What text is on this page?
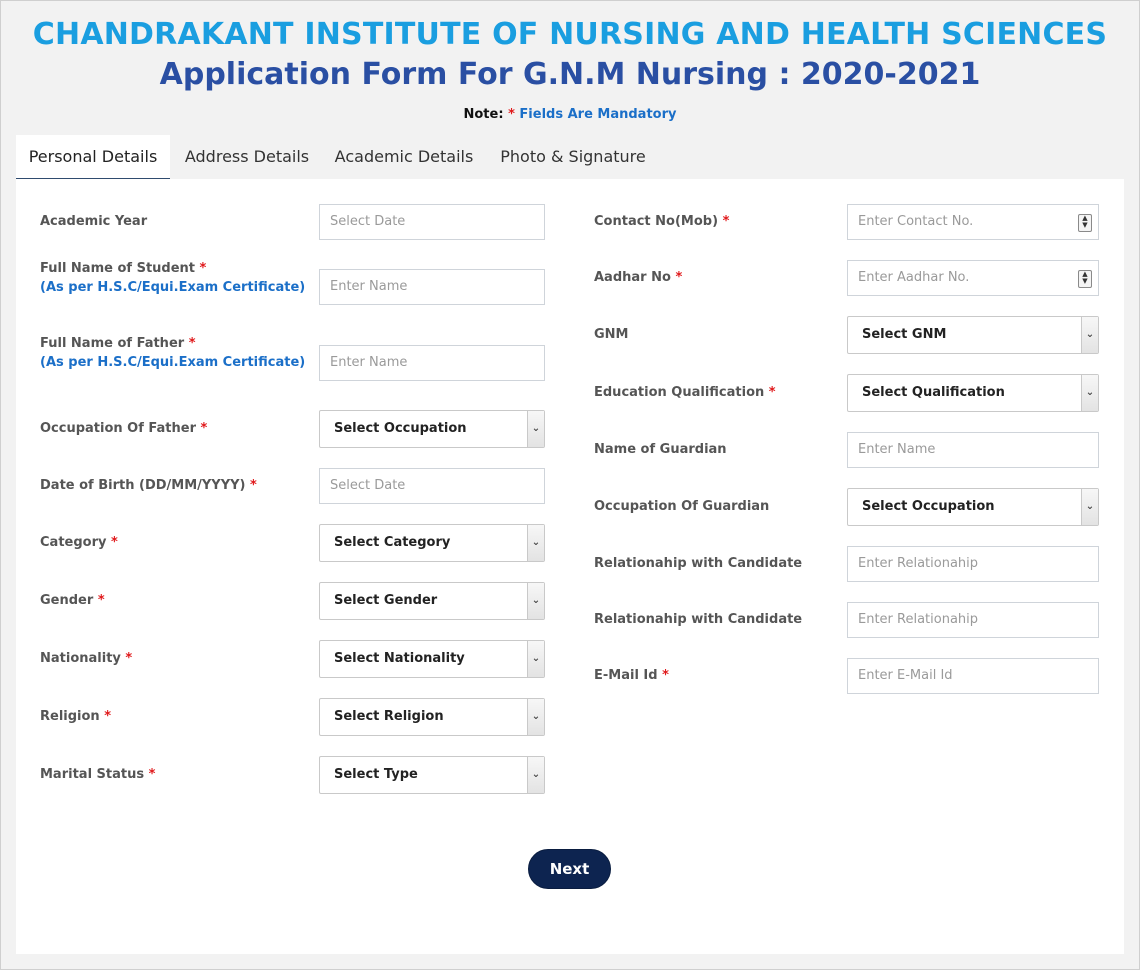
CHANDRAKANT INSTITUTE OF NURSING AND HEALTH SCIENCES
Application Form For G.N.M Nursing : 2020-2021
Note: * Fields Are Mandatory
Personal Details	Address Details	Academic Details	Photo & Signature
Academic Year	Select Date
Full Name of Student *
(As per H.S.C/Equi.Exam Certificate)	Enter Name
Full Name of Father *
(As per H.S.C/Equi.Exam Certificate)	Enter Name
Occupation Of Father *	Select Occupation	⌄
Date of Birth (DD/MM/YYYY) *	Select Date
Category *	Select Category	⌄
Gender *	Select Gender	⌄
Nationality *	Select Nationality	⌄
Religion *	Select Religion	⌄
Marital Status *	Select Type	⌄
Contact No(Mob) *	Enter Contact No.	▲
▼
Aadhar No *	Enter Aadhar No.	▲
▼
GNM	Select GNM	⌄
Education Qualification *	Select Qualification	⌄
Name of Guardian	Enter Name
Occupation Of Guardian	Select Occupation	⌄
Relationahip with Candidate	Enter Relationahip
Relationahip with Candidate	Enter Relationahip
E-Mail Id *	Enter E-Mail Id
Next
